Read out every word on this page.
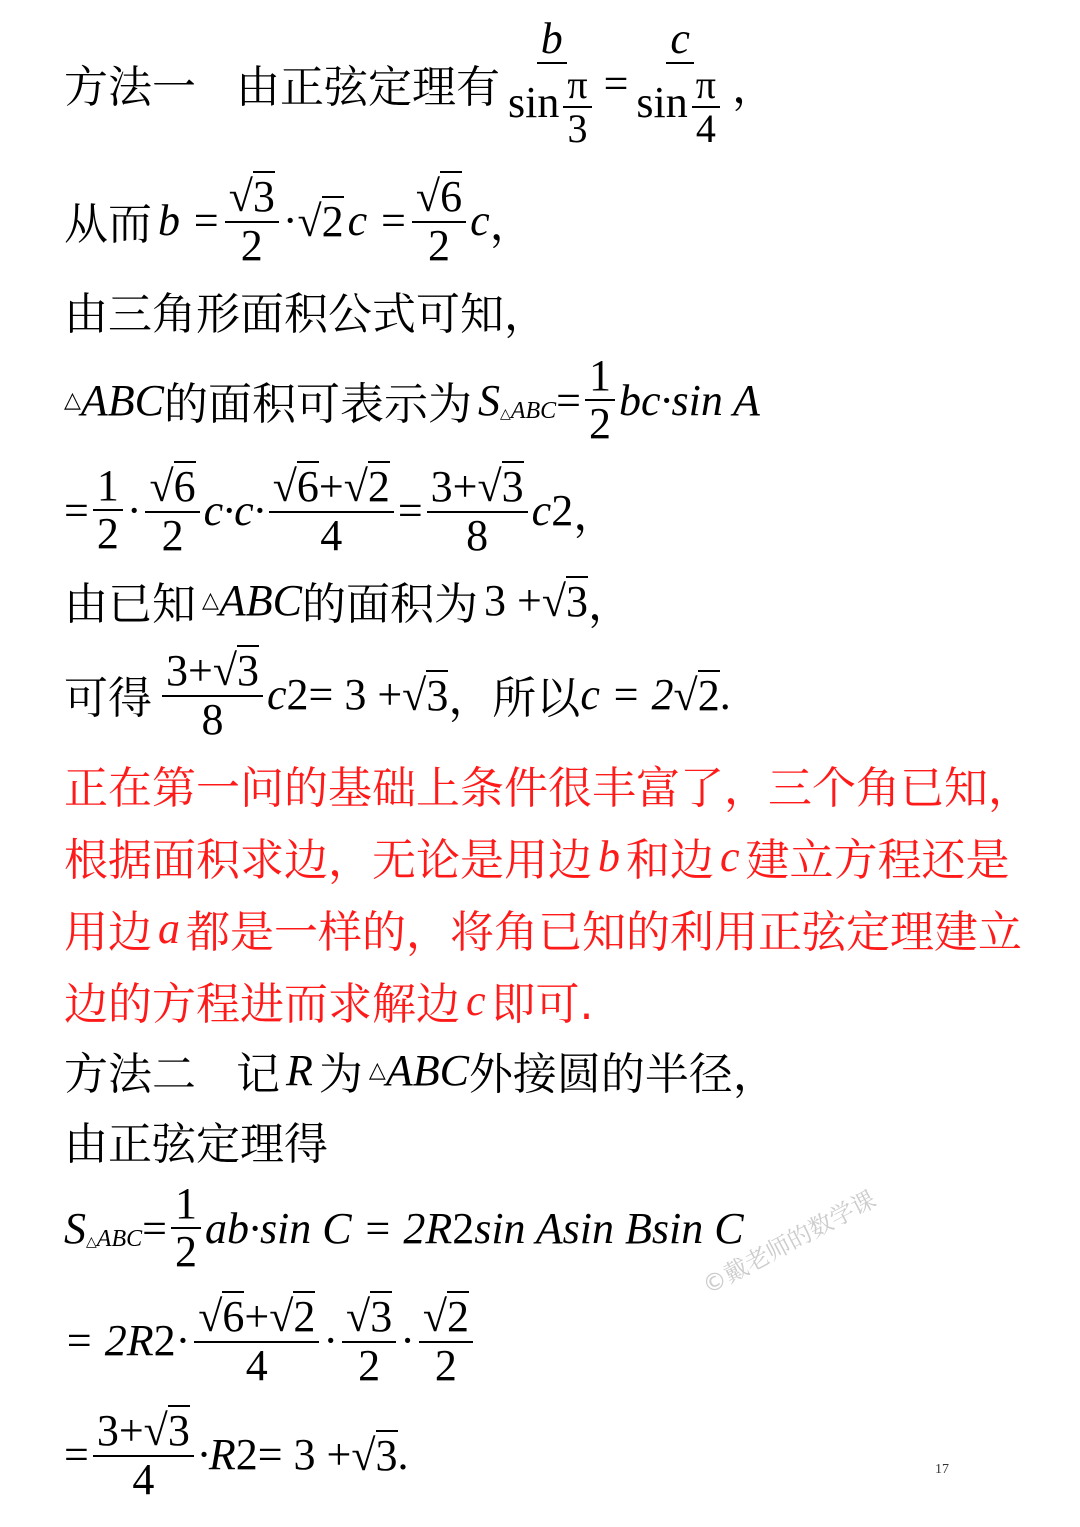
方法一 由正弦定理有 $\frac{b}{\sin \frac{\pi}{3}} = \frac{c}{\sin \frac{\pi}{4}}$ ，
从而 $b = \frac{√ 3}{2}$ · √ 2 $c = \frac{√ 6}{2}$ c ，
由三角形面积公式可知，
△ ABC 的面积可表示为 S △ABC = $\frac{1}{2} bc\cdot\sin$ A
= $\frac{1}{2} \cdot \frac{√ 6}{2} c\cdot c\cdot \frac{√ 6 + √ 2}{4} = \frac{3+ √ 3}{8}$ c 2 ，
由已知 △ ABC 的面积为 3 + √ 3 ，
可得 $\frac{3+ √ 3}{8}$ c 2 = 3 + √ 3 ，所以 c = 2 √ 2 .
正在第一问的基础上条件很丰富了，三个角已知，
根据面积求边，无论是用边 b 和边 c 建立方程还是
用边 a 都是一样的，将角已知的利用正弦定理建立
边的方程进而求解边 c 即可.
方法二 记 R 为 △ ABC 外接圆的半径，
由正弦定理得
S △ABC = $\frac{1}{2} ab\cdot\sin$ C = 2R 2 sin Asin Bsin C
= 2R $2 \cdot \frac{√ 6 + √ 2}{4} \cdot \frac{√ 3}{2} \cdot \frac{√ 2}{2}$
= $\frac{3+ √ 3}{4} \cdot R$ 2 = 3 + √ 3 .
©戴老师的数学课
17
